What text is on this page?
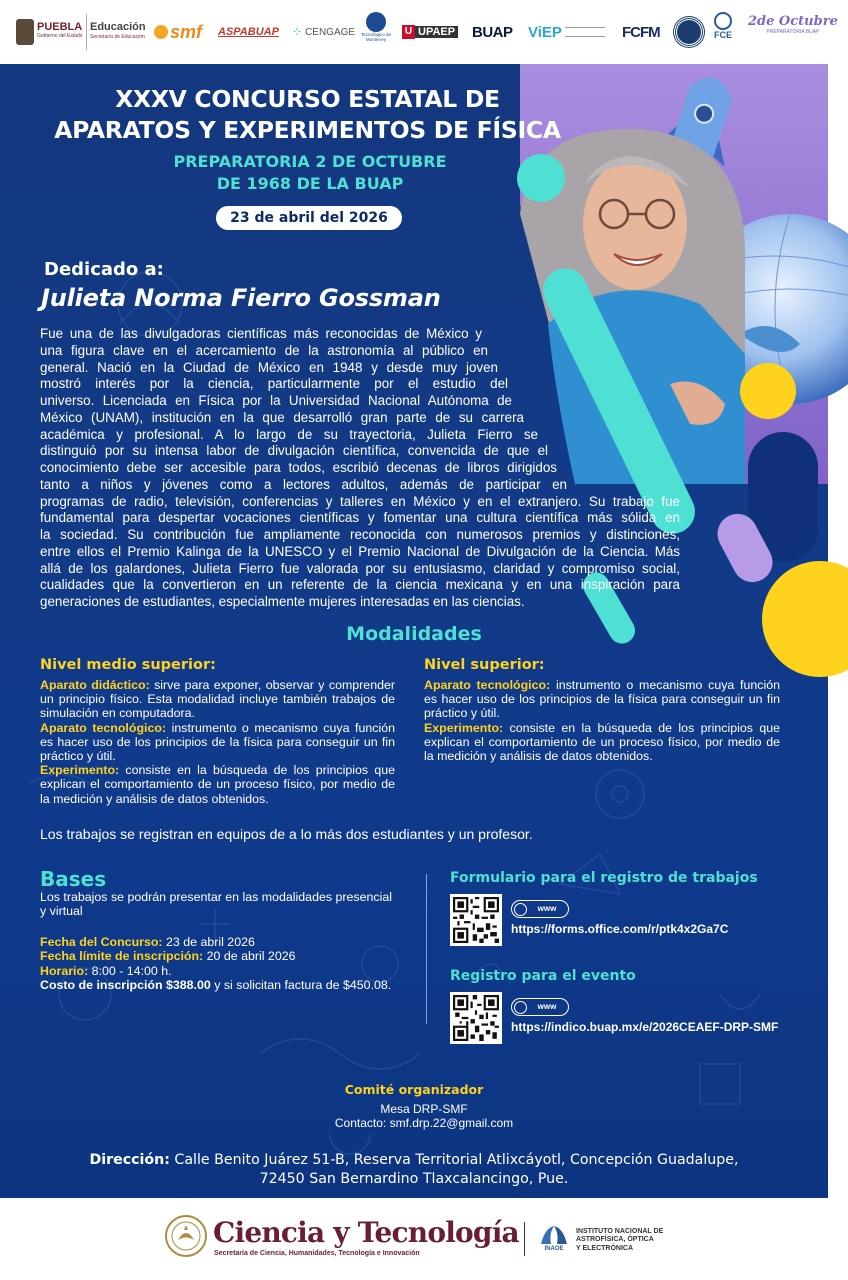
PUEBLA
Gobierno del Estado
Educación
Secretaría de Educación smf ASPABUAP ⁘ CENGAGE	Tecnológico de Monterrey
U UPAEP BUAP ViEP	FCFM	FCE
2de Octubre
PREPARATORIA BUAP
XXXV CONCURSO ESTATAL DE
APARATOS Y EXPERIMENTOS DE FÍSICA
PREPARATORIA 2 DE OCTUBRE
DE 1968 DE LA BUAP
23 de abril del 2026
Dedicado a:
Julieta Norma Fierro Gossman
Fue una de las divulgadoras científicas más reconocidas de México y
una figura clave en el acercamiento de la astronomía al público en
general. Nació en la Ciudad de México en 1948 y desde muy joven
mostró interés por la ciencia, particularmente por el estudio del
universo. Licenciada en Física por la Universidad Nacional Autónoma de
México (UNAM), institución en la que desarrolló gran parte de su carrera
académica y profesional. A lo largo de su trayectoria, Julieta Fierro se
distinguió por su intensa labor de divulgación científica, convencida de que el
conocimiento debe ser accesible para todos, escribió decenas de libros dirigidos
tanto a niños y jóvenes como a lectores adultos, además de participar en
programas de radio, televisión, conferencias y talleres en México y en el extranjero. Su trabajo fue
fundamental para despertar vocaciones científicas y fomentar una cultura científica más sólida en
la sociedad. Su contribución fue ampliamente reconocida con numerosos premios y distinciones,
entre ellos el Premio Kalinga de la UNESCO y el Premio Nacional de Divulgación de la Ciencia. Más
allá de los galardones, Julieta Fierro fue valorada por su entusiasmo, claridad y compromiso social,
cualidades que la convertieron en un referente de la ciencia mexicana y en una inspiración para
generaciones de estudiantes, especialmente mujeres interesadas en las ciencias.
Modalidades
Nivel medio superior:
Aparato didáctico: sirve para exponer, observar y comprender un principio físico. Esta modalidad incluye también trabajos de simulación en computadora.
Aparato tecnológico: instrumento o mecanismo cuya función es hacer uso de los principios de la física para conseguir un fin práctico y útil.
Experimento: consiste en la búsqueda de los principios que explican el comportamiento de un proceso físico, por medio de la medición y análisis de datos obtenidos.
Nivel superior:
Aparato tecnológico: instrumento o mecanismo cuya función es hacer uso de los principios de la física para conseguir un fin práctico y útil.
Experimento: consiste en la búsqueda de los principios que explican el comportamiento de un proceso físico, por medio de la medición y análisis de datos obtenidos.
Los trabajos se registran en equipos de a lo más dos estudiantes y un profesor.
Bases
Los trabajos se podrán presentar en las modalidades presencial y virtual
Fecha del Concurso: 23 de abril 2026
Fecha límite de inscripción: 20 de abril 2026
Horario: 8:00 - 14:00 h.
Costo de inscripción $388.00 y si solicitan factura de $450.08.
Formulario para el registro de trabajos
www
https://forms.office.com/r/ptk4x2Ga7C
Registro para el evento
www
https://indico.buap.mx/e/2026CEAEF-DRP-SMF
Comité organizador
Mesa DRP-SMF
Contacto: smf.drp.22@gmail.com
Dirección: Calle Benito Juárez 51-B, Reserva Territorial Atlixcáyotl, Concepción Guadalupe,
72450 San Bernardino Tlaxcalancingo, Pue.
Ciencia y Tecnología
Secretaría de Ciencia, Humanidades, Tecnología e Innovación
INAOE
INSTITUTO NACIONAL DE
ASTROFÍSICA, ÓPTICA
Y ELECTRÓNICA
